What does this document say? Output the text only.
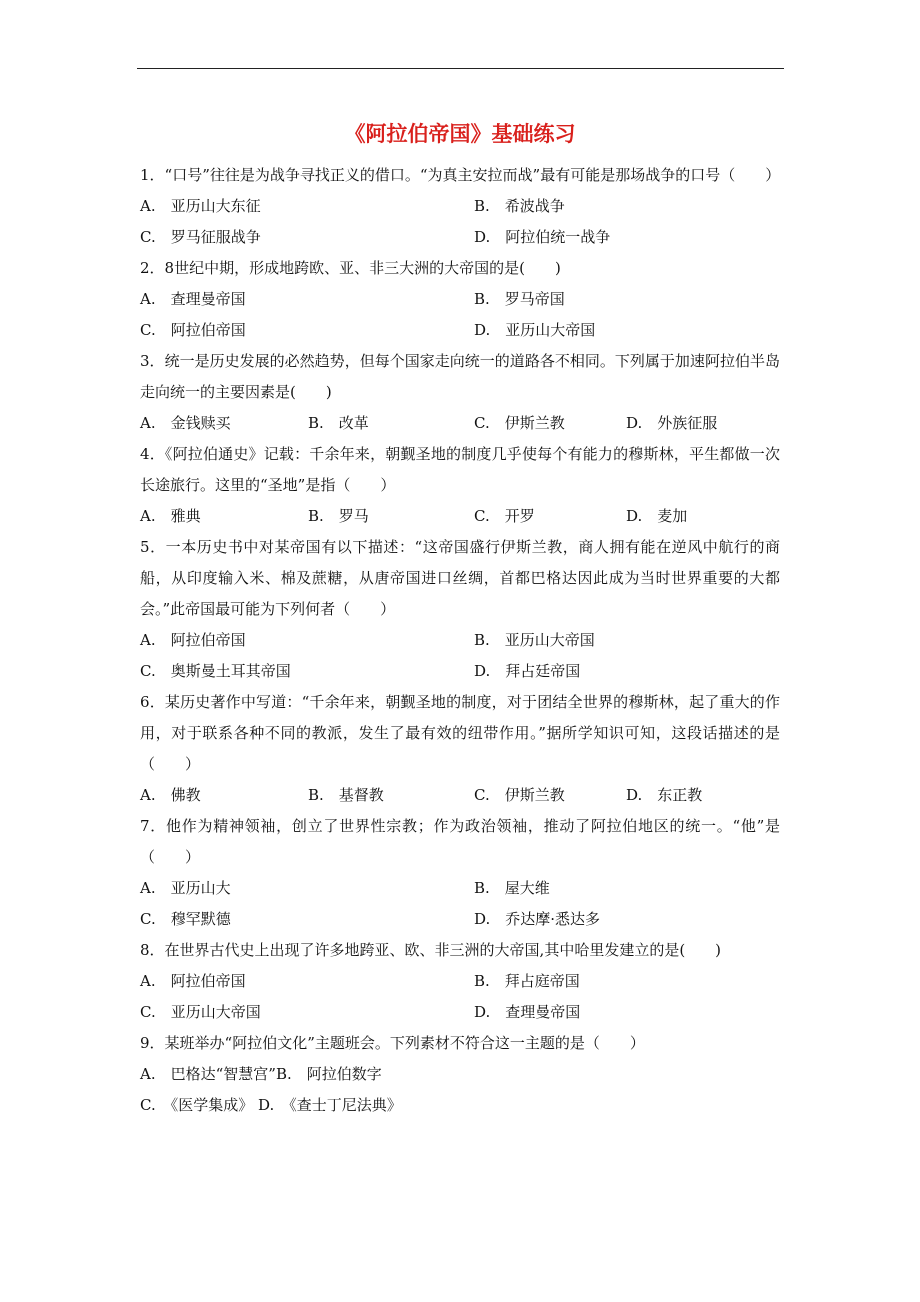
《阿拉伯帝国》基础练习
1．“口号”往往是为战争寻找正义的借口。“为真主安拉而战”最有可能是那场战争的口号（　　）
A.　亚历山大东征	B.　希波战争
C.　罗马征服战争	D.　阿拉伯统一战争
2．8世纪中期，形成地跨欧、亚、非三大洲的大帝国的是(　　)
A.　查理曼帝国	B.　罗马帝国
C.　阿拉伯帝国	D.　亚历山大帝国
3．统一是历史发展的必然趋势，但每个国家走向统一的道路各不相同。下列属于加速阿拉伯半岛走向统一的主要因素是(　　)
A.　金钱赎买	B.　改革	C.　伊斯兰教	D.　外族征服
4．《阿拉伯通史》记载：千余年来，朝觐圣地的制度几乎使每个有能力的穆斯林，平生都做一次长途旅行。这里的“圣地”是指（　　）
A.　雅典	B.　罗马	C.　开罗	D.　麦加
5．一本历史书中对某帝国有以下描述：“这帝国盛行伊斯兰教，商人拥有能在逆风中航行的商船，从印度输入米、棉及蔗糖，从唐帝国进口丝绸，首都巴格达因此成为当时世界重要的大都会。”此帝国最可能为下列何者（　　）
A.　阿拉伯帝国	B.　亚历山大帝国
C.　奥斯曼土耳其帝国	D.　拜占廷帝国
6．某历史著作中写道：“千余年来，朝觐圣地的制度，对于团结全世界的穆斯林，起了重大的作用，对于联系各种不同的教派，发生了最有效的纽带作用。”据所学知识可知，这段话描述的是（　　）
A.　佛教	B.　基督教	C.　伊斯兰教	D.　东正教
7．他作为精神领袖，创立了世界性宗教；作为政治领袖，推动了阿拉伯地区的统一。“他”是（　　）
A.　亚历山大	B.　屋大维
C.　穆罕默德	D.　乔达摩·悉达多
8．在世界古代史上出现了许多地跨亚、欧、非三洲的大帝国,其中哈里发建立的是(　　)
A.　阿拉伯帝国	B.　拜占庭帝国
C.　亚历山大帝国	D.　查理曼帝国
9．某班举办“阿拉伯文化”主题班会。下列素材不符合这一主题的是（　　）
A.　巴格达“智慧宫”B.　阿拉伯数字
C.　《医学集成》 D.　《查士丁尼法典》
